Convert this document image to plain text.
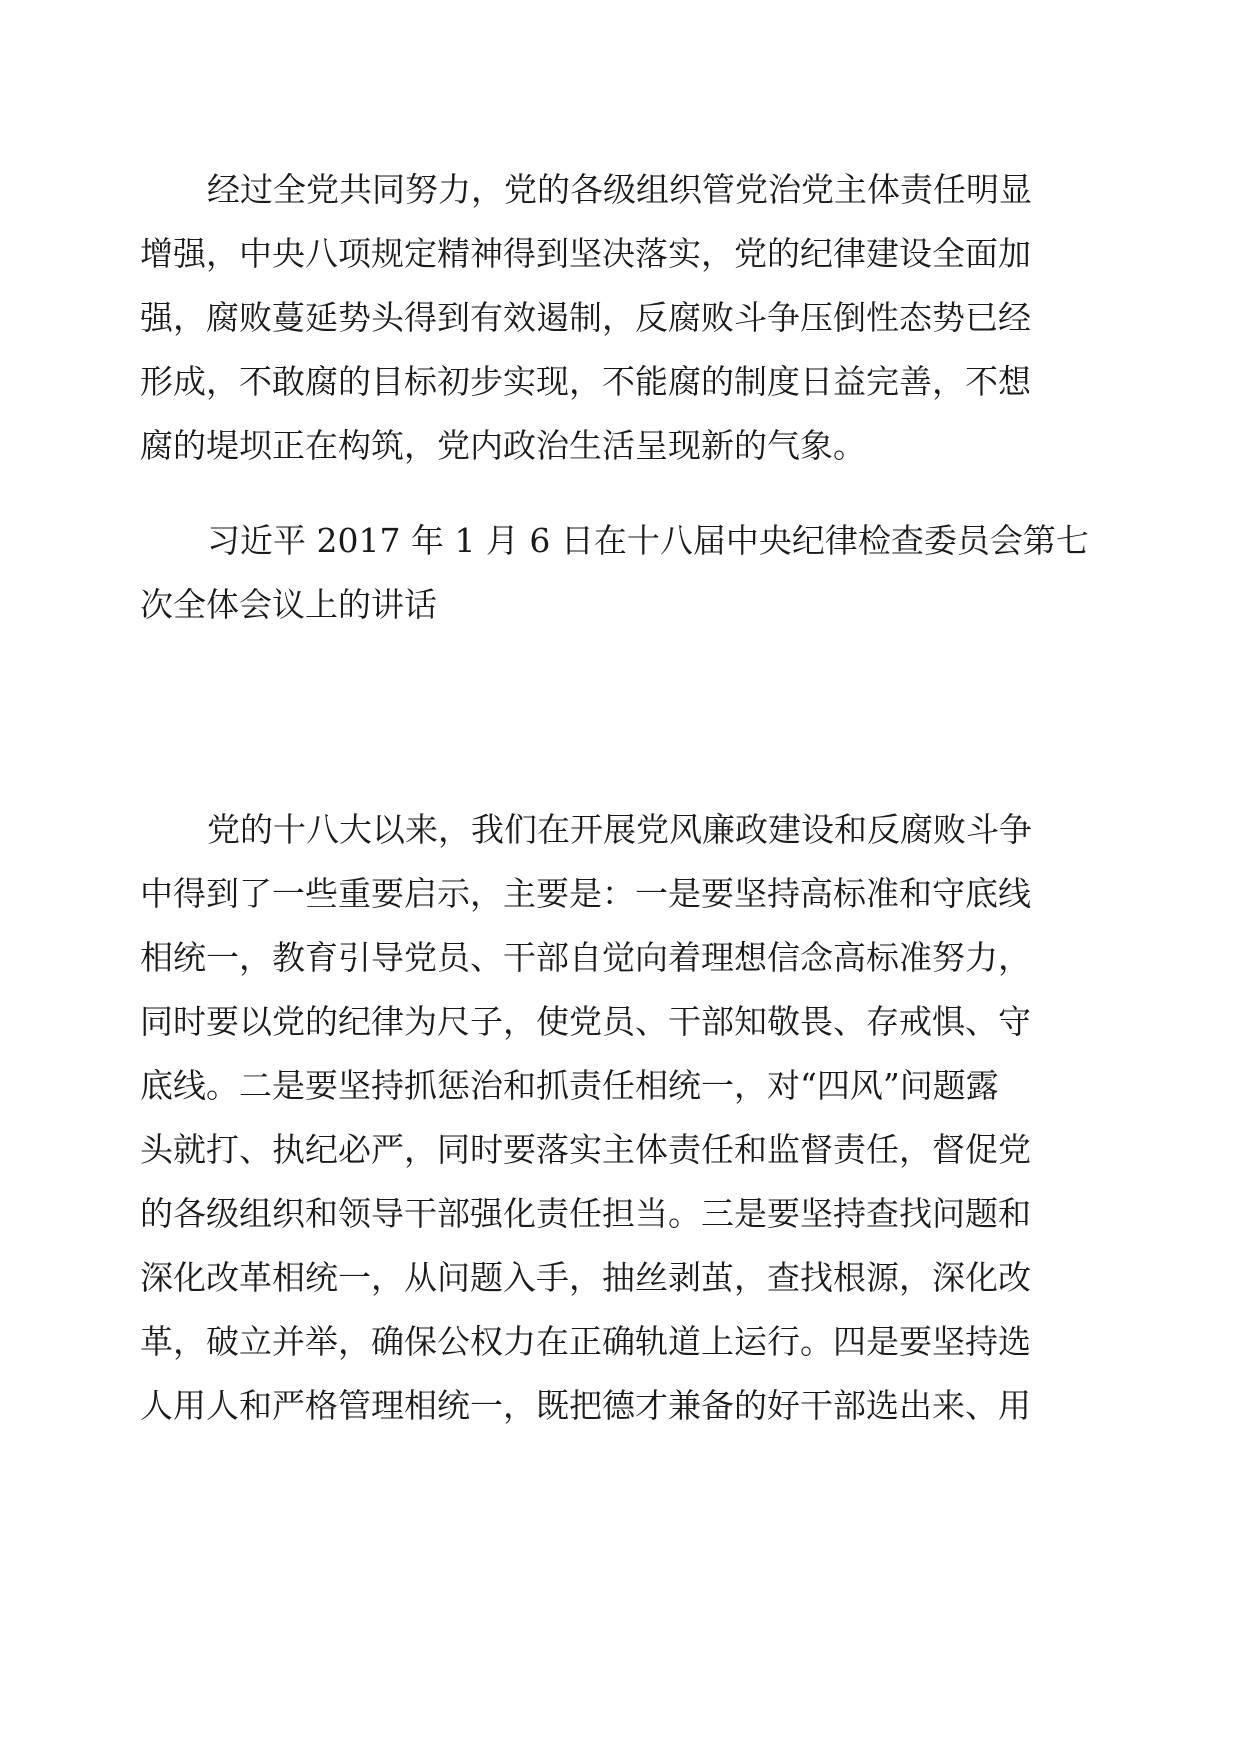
经过全党共同努力，党的各级组织管党治党主体责任明显

增强，中央八项规定精神得到坚决落实，党的纪律建设全面加

强，腐败蔓延势头得到有效遏制，反腐败斗争压倒性态势已经

形成，不敢腐的目标初步实现，不能腐的制度日益完善，不想

腐的堤坝正在构筑，党内政治生活呈现新的气象。

习近平 2017 年 1 月 6 日在十八届中央纪律检查委员会第七

次全体会议上的讲话

党的十八大以来，我们在开展党风廉政建设和反腐败斗争

中得到了一些重要启示，主要是：一是要坚持高标准和守底线

相统一，教育引导党员、干部自觉向着理想信念高标准努力，

同时要以党的纪律为尺子，使党员、干部知敬畏、存戒惧、守

底线。二是要坚持抓惩治和抓责任相统一，对“四风”问题露

头就打、执纪必严，同时要落实主体责任和监督责任，督促党

的各级组织和领导干部强化责任担当。三是要坚持查找问题和

深化改革相统一，从问题入手，抽丝剥茧，查找根源，深化改

革，破立并举，确保公权力在正确轨道上运行。四是要坚持选

人用人和严格管理相统一，既把德才兼备的好干部选出来、用
